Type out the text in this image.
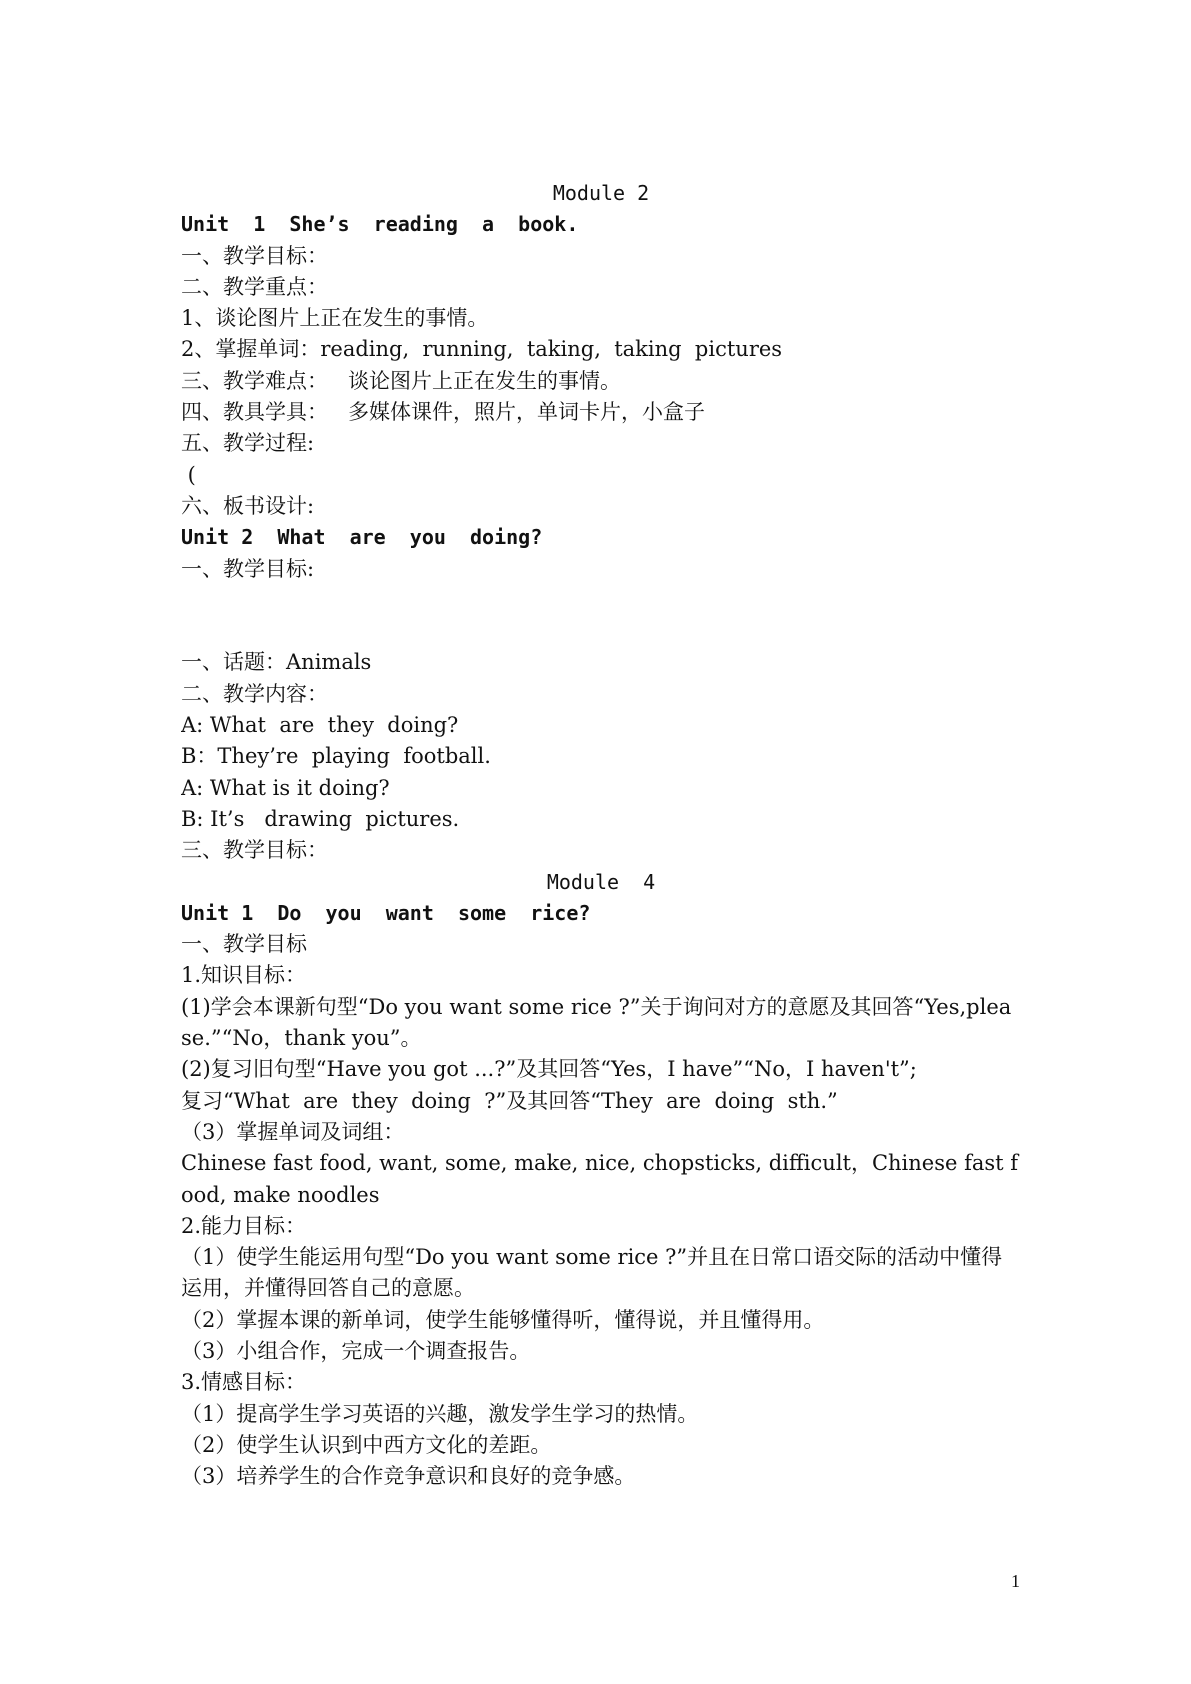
Module 2
Unit  1  She’s  reading  a  book.
一、教学目标：
二、教学重点：
1、谈论图片上正在发生的事情。
2、掌握单词：reading,  running,  taking,  taking  pictures
三、教学难点：   谈论图片上正在发生的事情。
四、教具学具：   多媒体课件，照片，单词卡片，小盒子
五、教学过程:
(
六、板书设计:
Unit 2  What  are  you  doing?
一、教学目标:
一、话题：Animals
二、教学内容：
A: What  are  they  doing?
B：They’re  playing  football.
A: What is it doing?
B: It’s   drawing  pictures.
三、教学目标：
Module  4
Unit 1  Do  you  want  some  rice?
一、教学目标
1.知识目标：
(1)学会本课新句型“Do you want some rice ?”关于询问对方的意愿及其回答“Yes,please.”“No，thank you”。
(2)复习旧句型“Have you got ...?”及其回答“Yes，I have”“No，I haven't”;
复习“What  are  they  doing  ?”及其回答“They  are  doing  sth.”
（3）掌握单词及词组：
Chinese fast food, want, some, make, nice, chopsticks, difficult，Chinese fast food, make noodles
2.能力目标：
（1）使学生能运用句型“Do you want some rice ?”并且在日常口语交际的活动中懂得运用，并懂得回答自己的意愿。
（2）掌握本课的新单词，使学生能够懂得听，懂得说，并且懂得用。
（3）小组合作，完成一个调查报告。
3.情感目标：
（1）提高学生学习英语的兴趣，激发学生学习的热情。
（2）使学生认识到中西方文化的差距。
（3）培养学生的合作竞争意识和良好的竞争感。
1
